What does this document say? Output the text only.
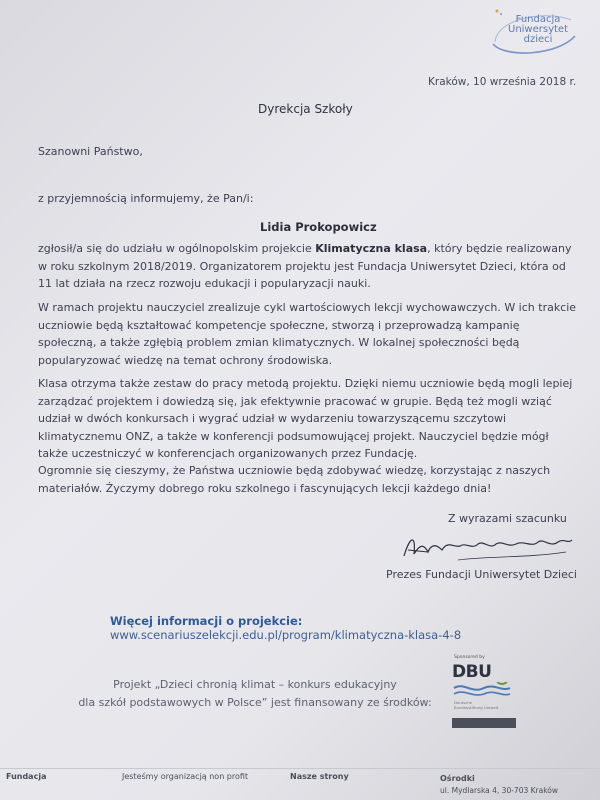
Fundacja
Uniwersytet
dzieci
Kraków, 10 września 2018 r.
Dyrekcja Szkoły
Szanowni Państwo,
z przyjemnością informujemy, że Pan/i:
Lidia Prokopowicz

zgłosił/a się do udziału w ogólnopolskim projekcie Klimatyczna klasa, który będzie realizowany w roku szkolnym 2018/2019. Organizatorem projektu jest Fundacja Uniwersytet Dzieci, która od 11 lat działa na rzecz rozwoju edukacji i popularyzacji nauki.

W ramach projektu nauczyciel zrealizuje cykl wartościowych lekcji wychowawczych. W ich trakcie uczniowie będą kształtować kompetencje społeczne, stworzą i przeprowadzą kampanię społeczną, a także zgłębią problem zmian klimatycznych. W lokalnej społeczności będą popularyzować wiedzę na temat ochrony środowiska.

Klasa otrzyma także zestaw do pracy metodą projektu. Dzięki niemu uczniowie będą mogli lepiej zarządzać projektem i dowiedzą się, jak efektywnie pracować w grupie. Będą też mogli wziąć udział w dwóch konkursach i wygrać udział w wydarzeniu towarzyszącemu szczytowi klimatycznemu ONZ, a także w konferencji podsumowującej projekt. Nauczyciel będzie mógł także uczestniczyć w konferencjach organizowanych przez Fundację.

Ogromnie się cieszymy, że Państwa uczniowie będą zdobywać wiedzę, korzystając z naszych materiałów. Życzymy dobrego roku szkolnego i fascynujących lekcji każdego dnia!

Z wyrazami szacunku
Prezes Fundacji Uniwersytet Dzieci
Więcej informacji o projekcie: www.scenariuszelekcji.edu.pl/program/klimatyczna-klasa-4-8
Projekt „Dzieci chronią klimat – konkurs edukacyjny
dla szkół podstawowych w Polsce” jest finansowany ze środków:
Sponsored by
DBU
Deutsche
Bundesstiftung Umwelt
Fundacja	Jesteśmy organizacją non profit	Nasze strony	Ośrodki
ul. Mydlarska 4, 30-703 Kraków
